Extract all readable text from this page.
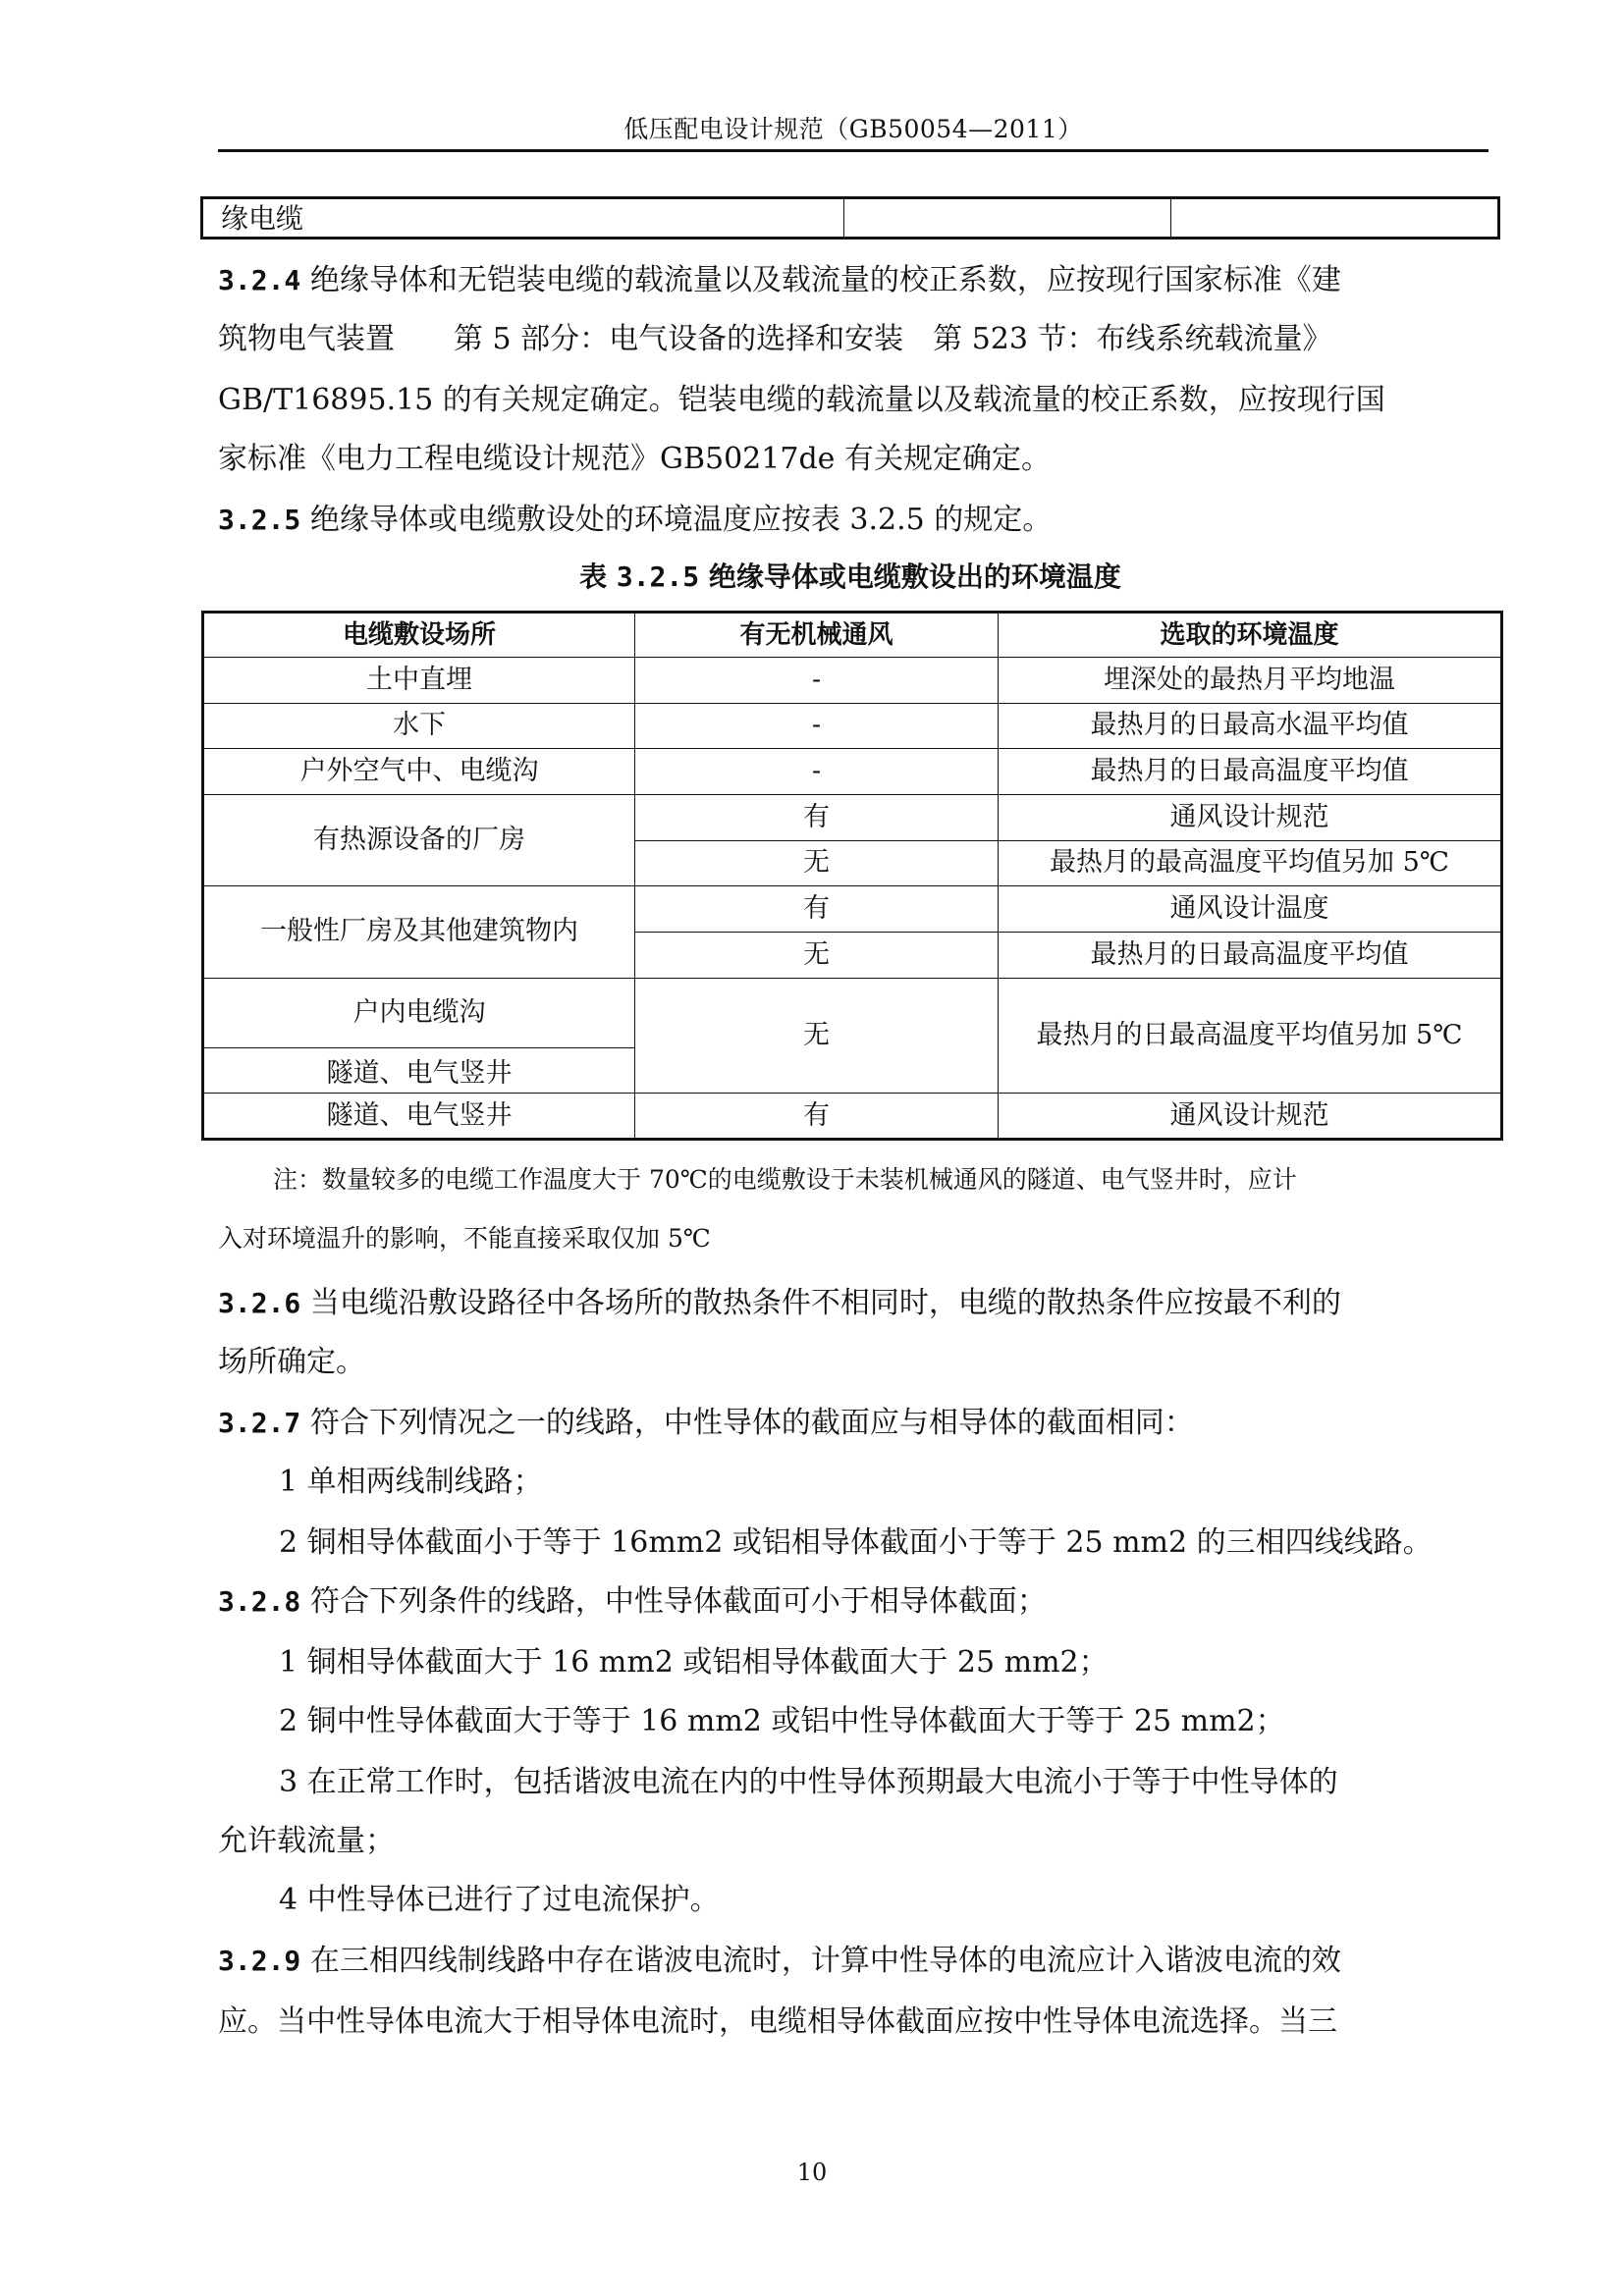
低压配电设计规范（GB50054—2011）
缘电缆
3.2.4 绝缘导体和无铠装电缆的载流量以及载流量的校正系数，应按现行国家标准《建
筑物电气装置　　第 5 部分：电气设备的选择和安装　第 523 节：布线系统载流量》
GB/T16895.15 的有关规定确定。铠装电缆的载流量以及载流量的校正系数，应按现行国
家标准《电力工程电缆设计规范》GB50217de 有关规定确定。
3.2.5 绝缘导体或电缆敷设处的环境温度应按表 3.2.5 的规定。
表 3.2.5 绝缘导体或电缆敷设出的环境温度
电缆敷设场所	有无机械通风	选取的环境温度
土中直埋	-	埋深处的最热月平均地温
水下	-	最热月的日最高水温平均值
户外空气中、电缆沟	-	最热月的日最高温度平均值
有热源设备的厂房	有	通风设计规范
	无	最热月的最高温度平均值另加 5℃
一般性厂房及其他建筑物内	有	通风设计温度
	无	最热月的日最高温度平均值
户内电缆沟	无	最热月的日最高温度平均值另加 5℃
隧道、电气竖井		
隧道、电气竖井	有	通风设计规范
注：数量较多的电缆工作温度大于 70℃的电缆敷设于未装机械通风的隧道、电气竖井时，应计
入对环境温升的影响，不能直接采取仅加 5℃
3.2.6 当电缆沿敷设路径中各场所的散热条件不相同时，电缆的散热条件应按最不利的
场所确定。
3.2.7 符合下列情况之一的线路，中性导体的截面应与相导体的截面相同：
1 单相两线制线路；
2 铜相导体截面小于等于 16mm2 或铝相导体截面小于等于 25 mm2 的三相四线线路。
3.2.8 符合下列条件的线路，中性导体截面可小于相导体截面；
1 铜相导体截面大于 16 mm2 或铝相导体截面大于 25 mm2；
2 铜中性导体截面大于等于 16 mm2 或铝中性导体截面大于等于 25 mm2；
3 在正常工作时，包括谐波电流在内的中性导体预期最大电流小于等于中性导体的
允许载流量；
4 中性导体已进行了过电流保护。
3.2.9 在三相四线制线路中存在谐波电流时，计算中性导体的电流应计入谐波电流的效
应。当中性导体电流大于相导体电流时，电缆相导体截面应按中性导体电流选择。当三
10
